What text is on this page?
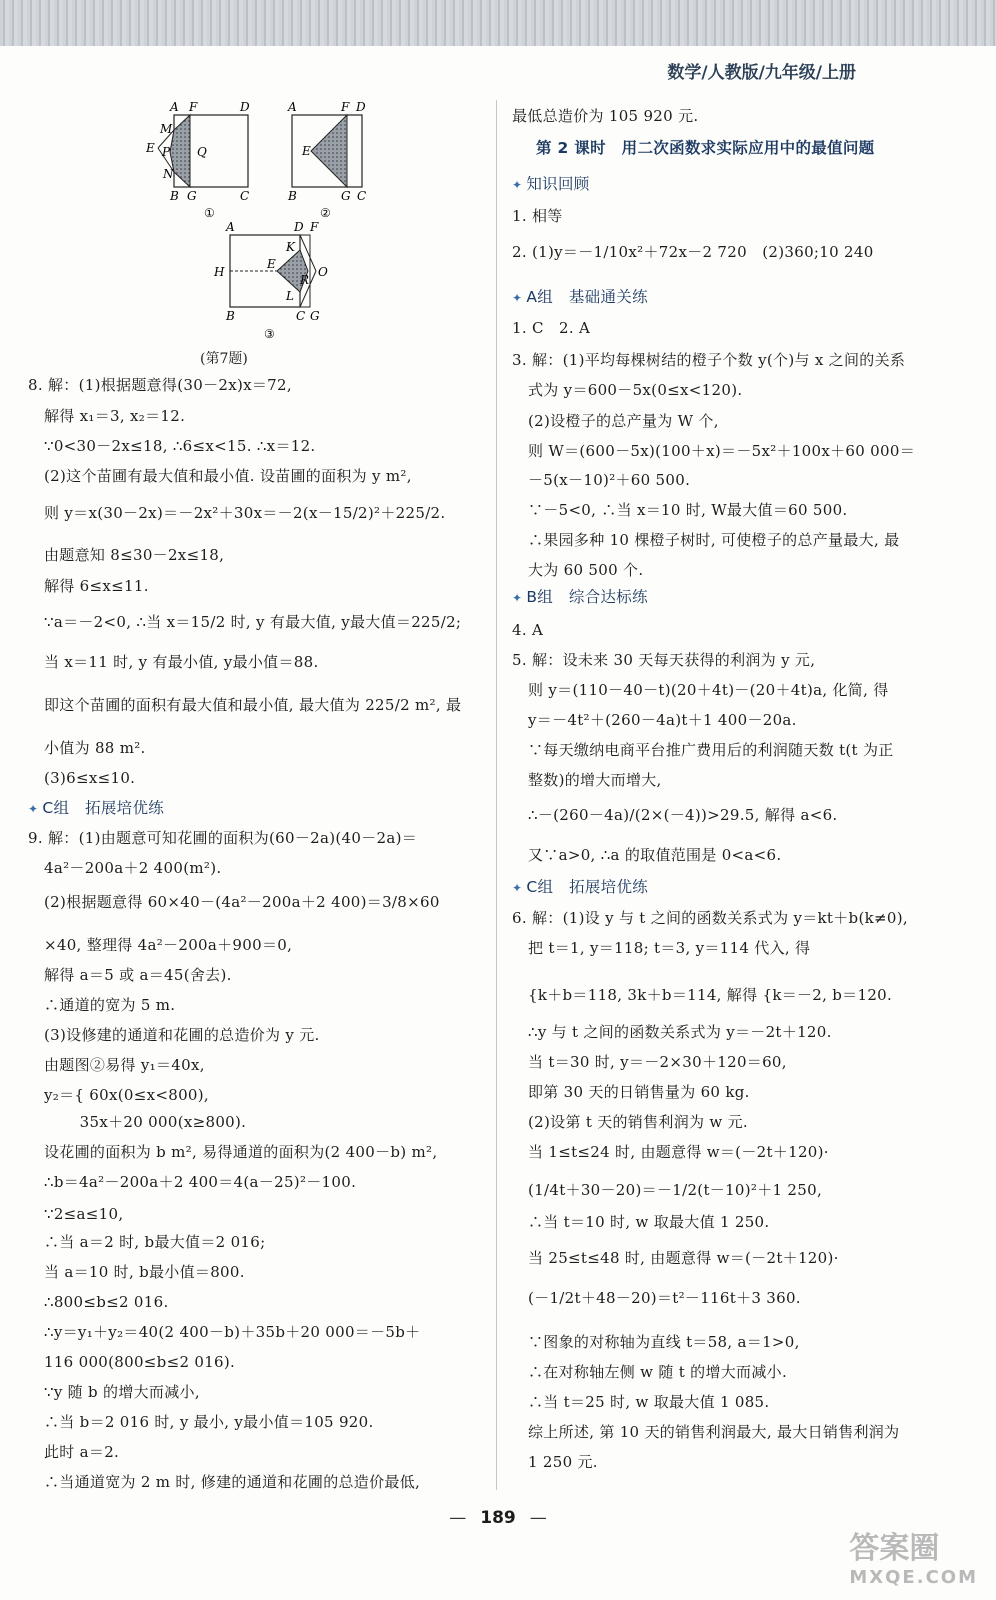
数学/人教版/九年级/上册
A F	D
M
E P Q
N
B G	C
①
A	F D
E
B	G C
②
A	D F
K
H
E
O
R
L
B	C G
③
(第7题)
8. 解：(1)根据题意得(30－2x)x＝72,
解得 x₁＝3, x₂＝12.
∵0<30－2x≤18, ∴6≤x<15. ∴x＝12.
(2)这个苗圃有最大值和最小值. 设苗圃的面积为 y m²,
则 y＝x(30－2x)＝－2x²＋30x＝－2(x－15/2)²＋225/2.
由题意知 8≤30－2x≤18,
解得 6≤x≤11.
∵a＝－2<0, ∴当 x＝15/2 时, y 有最大值, y最大值＝225/2;
当 x＝11 时, y 有最小值, y最小值＝88.
即这个苗圃的面积有最大值和最小值, 最大值为 225/2 m², 最
小值为 88 m².
(3)6≤x≤10.
✦ C组　拓展培优练
9. 解：(1)由题意可知花圃的面积为(60－2a)(40－2a)＝
4a²－200a＋2 400(m²).
(2)根据题意得 60×40－(4a²－200a＋2 400)＝3/8×60
×40, 整理得 4a²－200a＋900＝0,
解得 a＝5 或 a＝45(舍去).
∴通道的宽为 5 m.
(3)设修建的通道和花圃的总造价为 y 元.
由题图②易得 y₁＝40x,
y₂＝{ 60x(0≤x<800),
　　 35x＋20 000(x≥800).
设花圃的面积为 b m², 易得通道的面积为(2 400－b) m²,
∴b＝4a²－200a＋2 400＝4(a－25)²－100.
∵2≤a≤10,
∴当 a＝2 时, b最大值＝2 016;
当 a＝10 时, b最小值＝800.
∴800≤b≤2 016.
∴y＝y₁＋y₂＝40(2 400－b)＋35b＋20 000＝－5b＋
116 000(800≤b≤2 016).
∵y 随 b 的增大而减小,
∴当 b＝2 016 时, y 最小, y最小值＝105 920.
此时 a＝2.
∴当通道宽为 2 m 时, 修建的通道和花圃的总造价最低,
最低总造价为 105 920 元.
第 2 课时　用二次函数求实际应用中的最值问题
✦ 知识回顾
1. 相等
2. (1)y＝－1/10x²＋72x－2 720　(2)360;10 240
✦ A组　基础通关练
1. C　2. A
3. 解：(1)平均每棵树结的橙子个数 y(个)与 x 之间的关系
式为 y＝600－5x(0≤x<120).
(2)设橙子的总产量为 W 个,
则 W＝(600－5x)(100＋x)＝－5x²＋100x＋60 000＝
－5(x－10)²＋60 500.
∵－5<0, ∴当 x＝10 时, W最大值＝60 500.
∴果园多种 10 棵橙子树时, 可使橙子的总产量最大, 最
大为 60 500 个.
✦ B组　综合达标练
4. A
5. 解：设未来 30 天每天获得的利润为 y 元,
则 y＝(110－40－t)(20＋4t)－(20＋4t)a, 化简, 得
y＝－4t²＋(260－4a)t＋1 400－20a.
∵每天缴纳电商平台推广费用后的利润随天数 t(t 为正
整数)的增大而增大,
∴－(260－4a)/(2×(－4))>29.5, 解得 a<6.
又∵a>0, ∴a 的取值范围是 0<a<6.
✦ C组　拓展培优练
6. 解：(1)设 y 与 t 之间的函数关系式为 y＝kt＋b(k≠0),
把 t＝1, y＝118; t＝3, y＝114 代入, 得
{k＋b＝118, 3k＋b＝114, 解得 {k＝－2, b＝120.
∴y 与 t 之间的函数关系式为 y＝－2t＋120.
当 t＝30 时, y＝－2×30＋120＝60,
即第 30 天的日销售量为 60 kg.
(2)设第 t 天的销售利润为 w 元.
当 1≤t≤24 时, 由题意得 w＝(－2t＋120)·
(1/4t＋30－20)＝－1/2(t－10)²＋1 250,
∴当 t＝10 时, w 取最大值 1 250.
当 25≤t≤48 时, 由题意得 w＝(－2t＋120)·
(－1/2t＋48－20)＝t²－116t＋3 360.
∵图象的对称轴为直线 t＝58, a＝1>0,
∴在对称轴左侧 w 随 t 的增大而减小.
∴当 t＝25 时, w 取最大值 1 085.
综上所述, 第 10 天的销售利润最大, 最大日销售利润为
1 250 元.
— 189 —
答案圈
MXQE.COM
